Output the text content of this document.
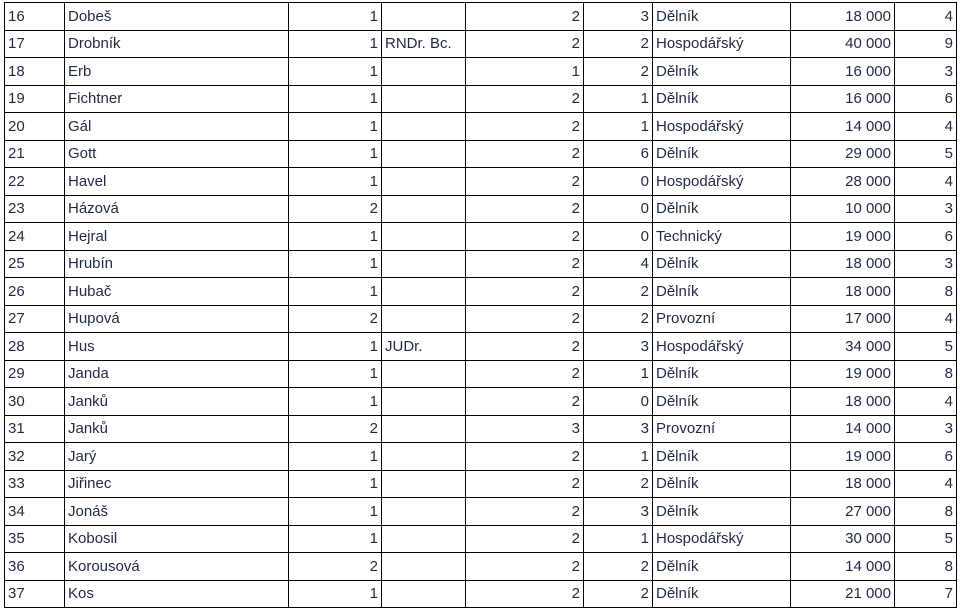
16	Dobeš	1		2	3	Dělník	18 000	4
17	Drobník	1	RNDr. Bc.	2	2	Hospodářský	40 000	9
18	Erb	1		1	2	Dělník	16 000	3
19	Fichtner	1		2	1	Dělník	16 000	6
20	Gál	1		2	1	Hospodářský	14 000	4
21	Gott	1		2	6	Dělník	29 000	5
22	Havel	1		2	0	Hospodářský	28 000	4
23	Házová	2		2	0	Dělník	10 000	3
24	Hejral	1		2	0	Technický	19 000	6
25	Hrubín	1		2	4	Dělník	18 000	3
26	Hubač	1		2	2	Dělník	18 000	8
27	Hupová	2		2	2	Provozní	17 000	4
28	Hus	1	JUDr.	2	3	Hospodářský	34 000	5
29	Janda	1		2	1	Dělník	19 000	8
30	Janků	1		2	0	Dělník	18 000	4
31	Janků	2		3	3	Provozní	14 000	3
32	Jarý	1		2	1	Dělník	19 000	6
33	Jiřinec	1		2	2	Dělník	18 000	4
34	Jonáš	1		2	3	Dělník	27 000	8
35	Kobosil	1		2	1	Hospodářský	30 000	5
36	Korousová	2		2	2	Dělník	14 000	8
37	Kos	1		2	2	Dělník	21 000	7
